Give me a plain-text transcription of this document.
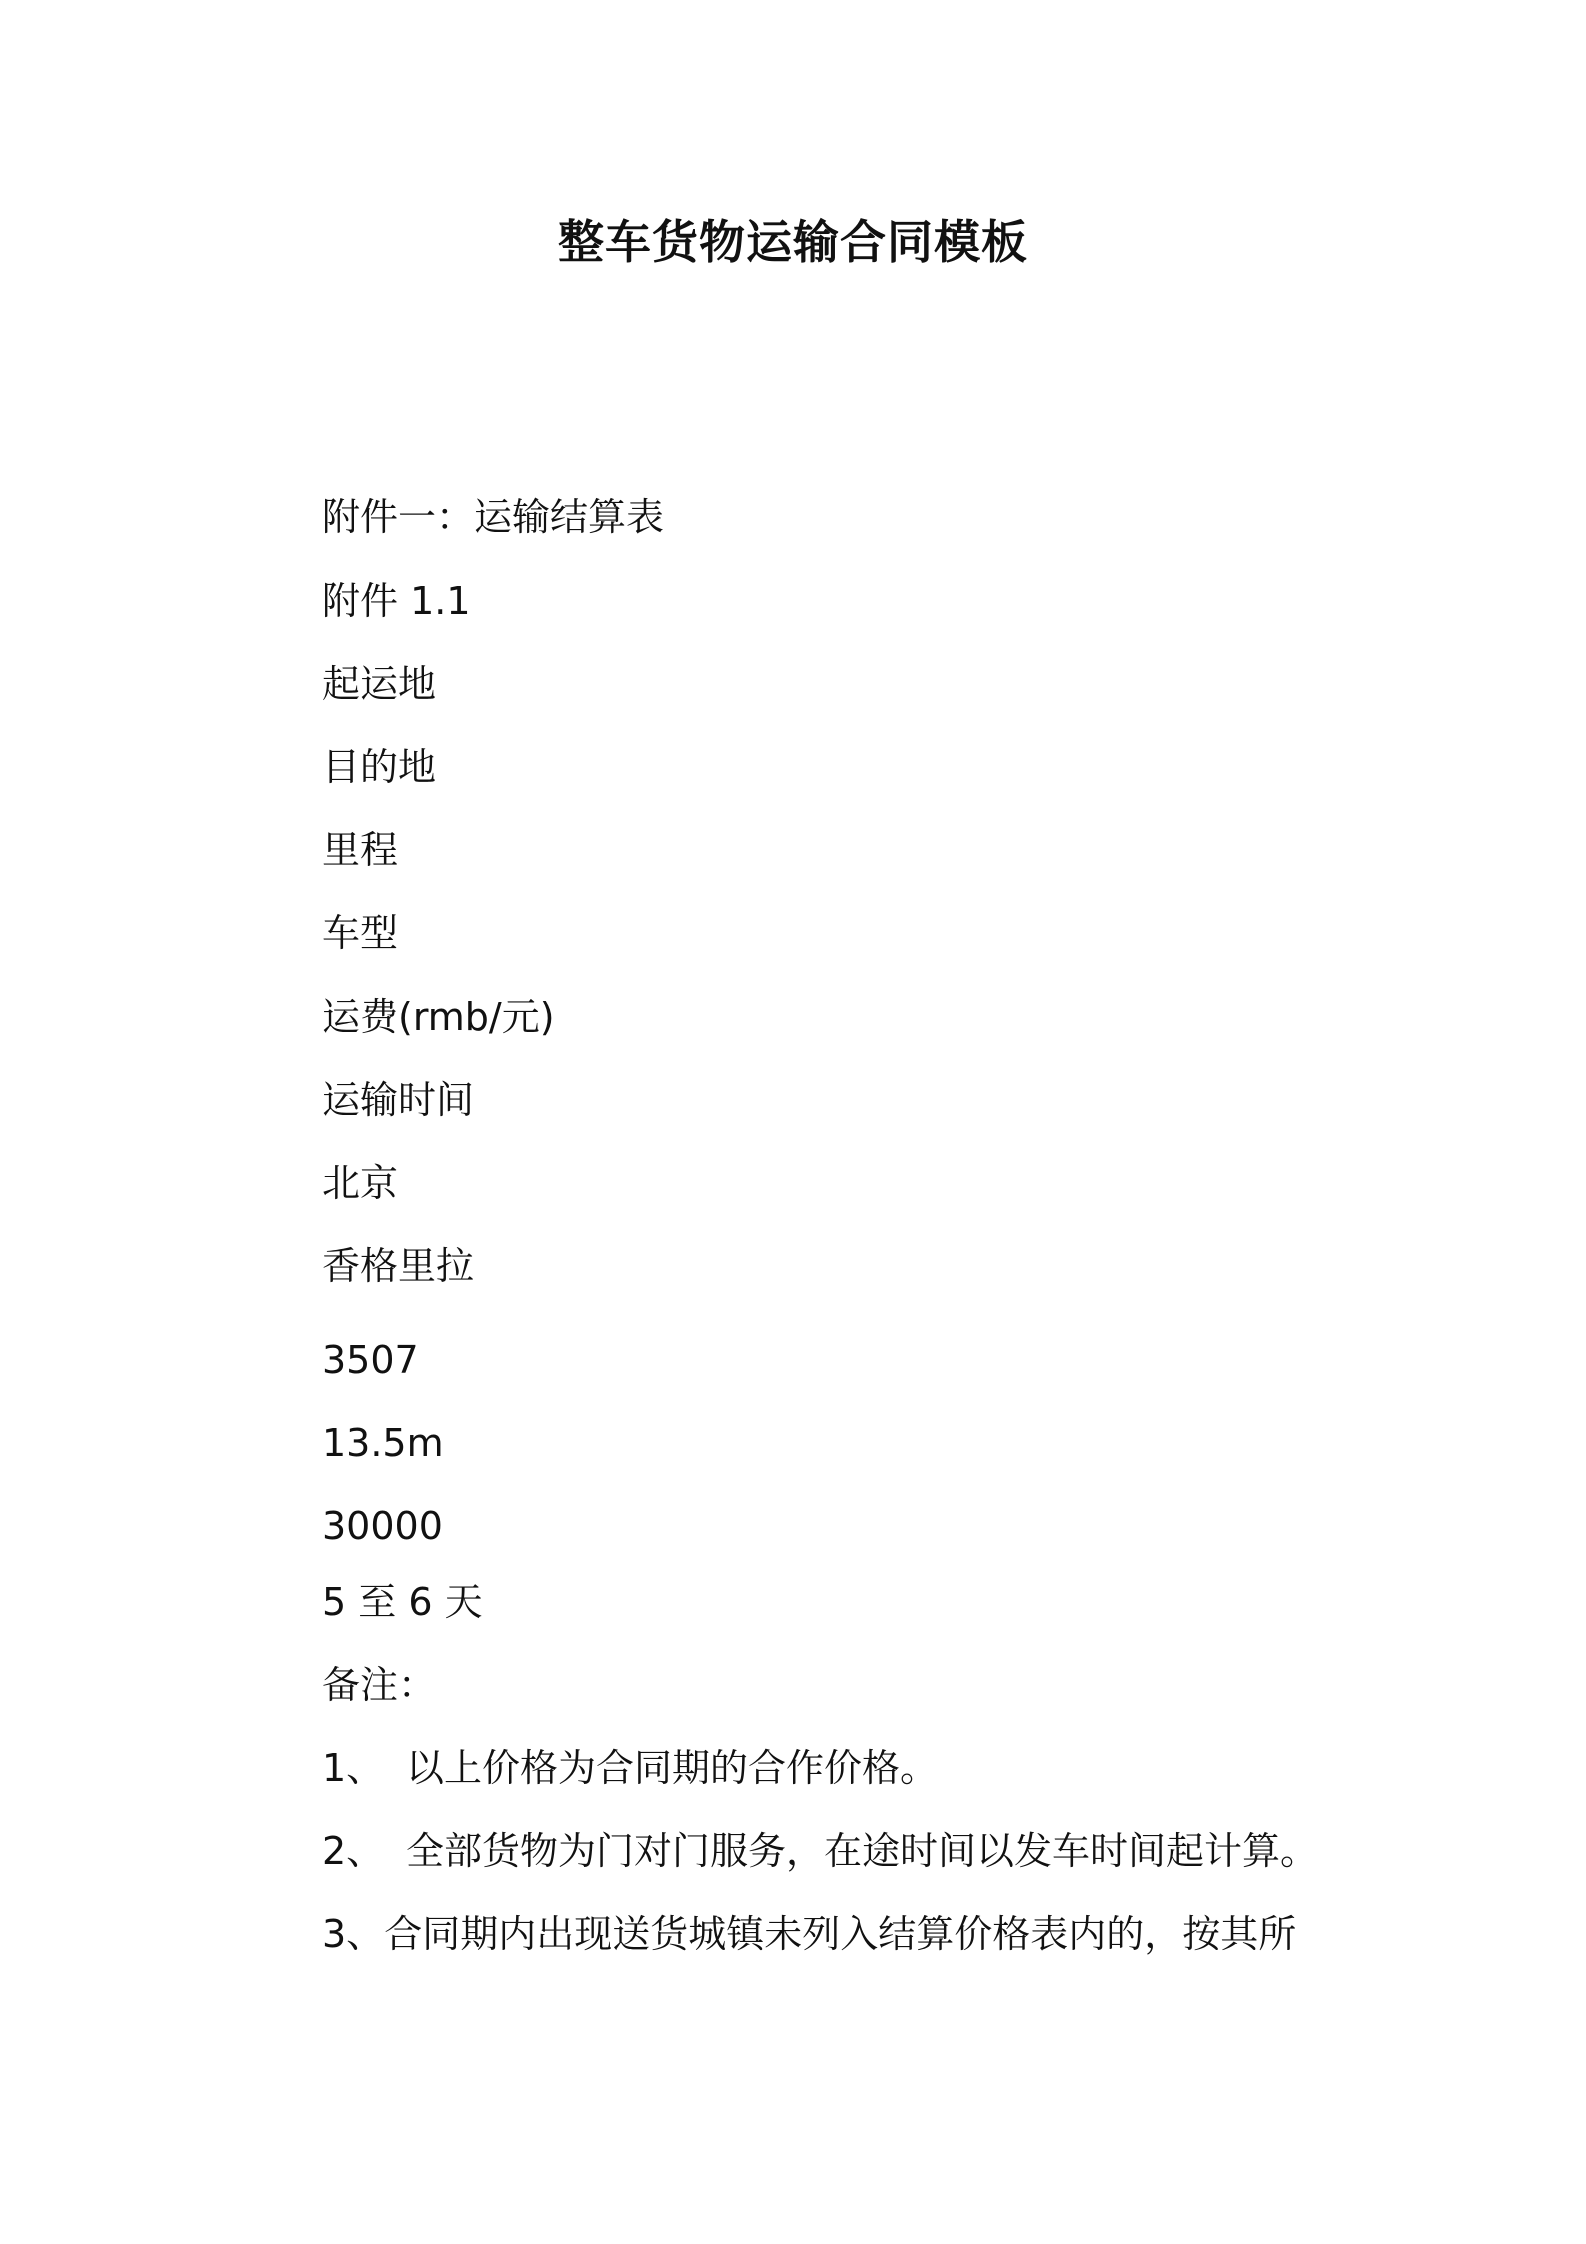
整车货物运输合同模板
附件一：运输结算表
附件 1.1
起运地
目的地
里程
车型
运费(rmb/元)
运输时间
北京
香格里拉
3507
13.5m
30000
5 至 6 天
备注：
1、 以上价格为合同期的合作价格。
2、 全部货物为门对门服务，在途时间以发车时间起计算。
3、合同期内出现送货城镇未列入结算价格表内的，按其所
